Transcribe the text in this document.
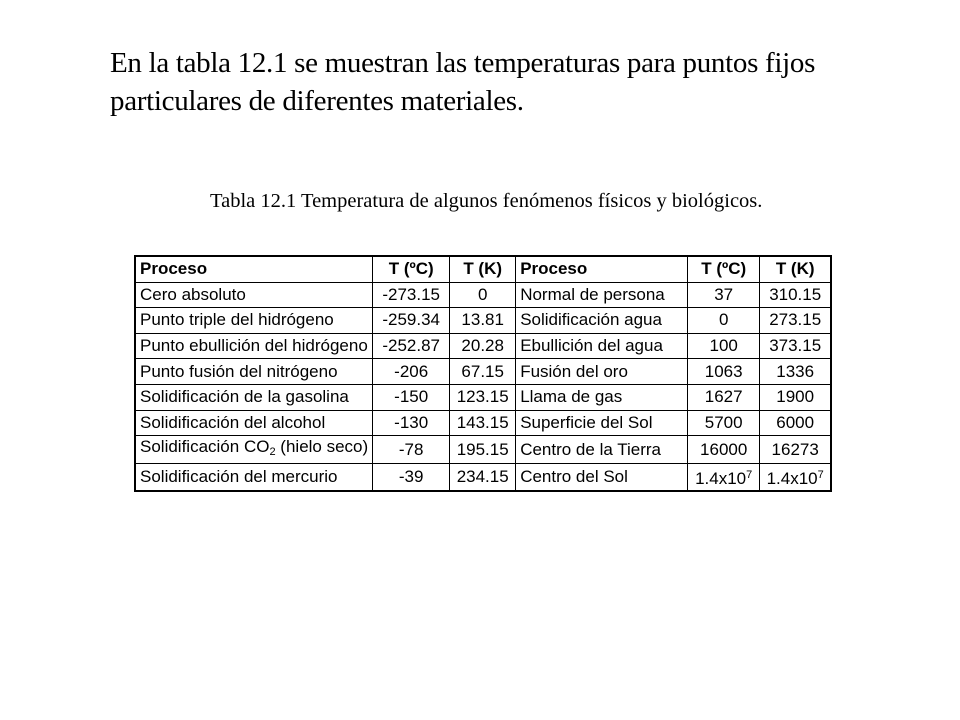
En la tabla 12.1 se muestran las temperaturas para puntos fijos particulares de diferentes materiales.
Tabla 12.1 Temperatura de algunos fenómenos físicos y biológicos.
Proceso	T (ºC)	T (K)	Proceso	T (ºC)	T (K)
Cero absoluto	-273.15	0	Normal de persona	37	310.15
Punto triple del hidrógeno	-259.34	13.81	Solidificación agua	0	273.15
Punto ebullición del hidrógeno	-252.87	20.28	Ebullición del agua	100	373.15
Punto fusión del nitrógeno	-206	67.15	Fusión del oro	1063	1336
Solidificación de la gasolina	-150	123.15	Llama de gas	1627	1900
Solidificación del alcohol	-130	143.15	Superficie del Sol	5700	6000
Solidificación $CO_2$ (hielo seco)	-78	195.15	Centro de la Tierra	16000	16273
Solidificación del mercurio	-39	234.15	Centro del Sol	$1.4x10^7$	$1.4x10^7$
